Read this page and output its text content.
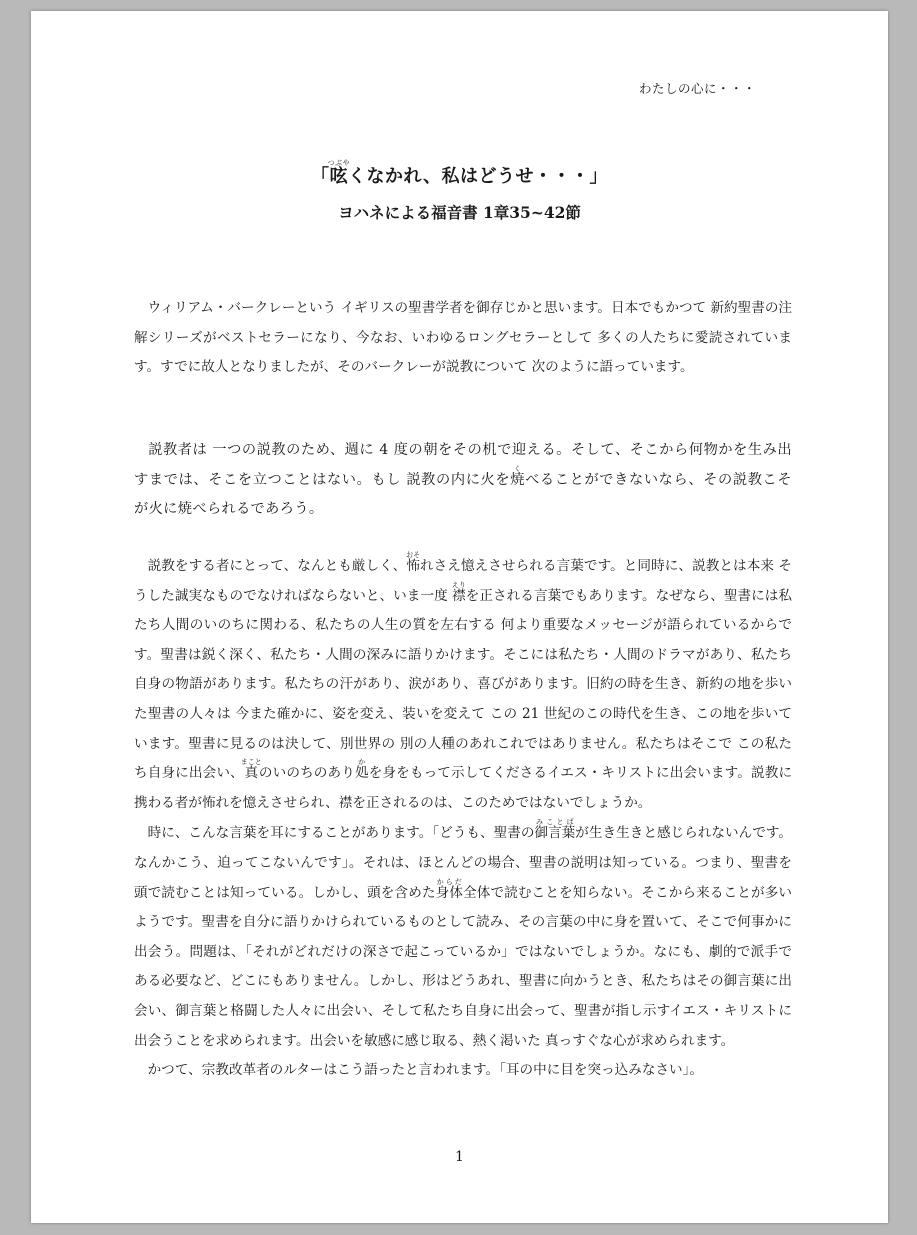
わたしの心に・・・
「呟つぶやくなかれ、私はどうせ・・・」
ヨハネによる福音書 1章35~42節

ウィリアム・バークレーという イギリスの聖書学者を御存じかと思います。日本でもかつて 新約聖書の注解シリーズがベストセラーになり、今なお、いわゆるロングセラーとして 多くの人たちに愛読されています。すでに故人となりましたが、そのバークレーが説教について 次のように語っています。

説教者は 一つの説教のため、週に 4 度の朝をその机で迎える。そして、そこから何物かを生み出すまでは、そこを立つことはない。もし 説教の内に火を焼くべることができないなら、その説教こそが火に焼べられるであろう。

説教をする者にとって、なんとも厳しく、怖おそれさえ憶えさせられる言葉です。と同時に、説教とは本来 そうした誠実なものでなければならないと、いま一度 襟えりを正される言葉でもあります。なぜなら、聖書には私たち人間のいのちに関わる、私たちの人生の質を左右する 何より重要なメッセージが語られているからです。聖書は鋭く深く、私たち・人間の深みに語りかけます。そこには私たち・人間のドラマがあり、私たち自身の物語があります。私たちの汗があり、涙があり、喜びがあります。旧約の時を生き、新約の地を歩いた聖書の人々は 今また確かに、姿を変え、装いを変えて この 21 世紀のこの時代を生き、この地を歩いています。聖書に見るのは決して、別世界の 別の人種のあれこれではありません。私たちはそこで この私たち自身に出会い、真まことのいのちのあり処かを身をもって示してくださるイエス・キリストに出会います。説教に携わる者が怖れを憶えさせられ、襟を正されるのは、このためではないでしょうか。

時に、こんな言葉を耳にすることがあります。「どうも、聖書の御言葉みことばが生き生きと感じられないんです。なんかこう、迫ってこないんです」。それは、ほとんどの場合、聖書の説明は知っている。つまり、聖書を頭で読むことは知っている。しかし、頭を含めた身体からだ全体で読むことを知らない。そこから来ることが多いようです。聖書を自分に語りかけられているものとして読み、その言葉の中に身を置いて、そこで何事かに出会う。問題は、「それがどれだけの深さで起こっているか」ではないでしょうか。なにも、劇的で派手である必要など、どこにもありません。しかし、形はどうあれ、聖書に向かうとき、私たちはその御言葉に出会い、御言葉と格闘した人々に出会い、そして私たち自身に出会って、聖書が指し示すイエス・キリストに出会うことを求められます。出会いを敏感に感じ取る、熱く渇いた 真っすぐな心が求められます。

かつて、宗教改革者のルターはこう語ったと言われます。「耳の中に目を突っ込みなさい」。

1
